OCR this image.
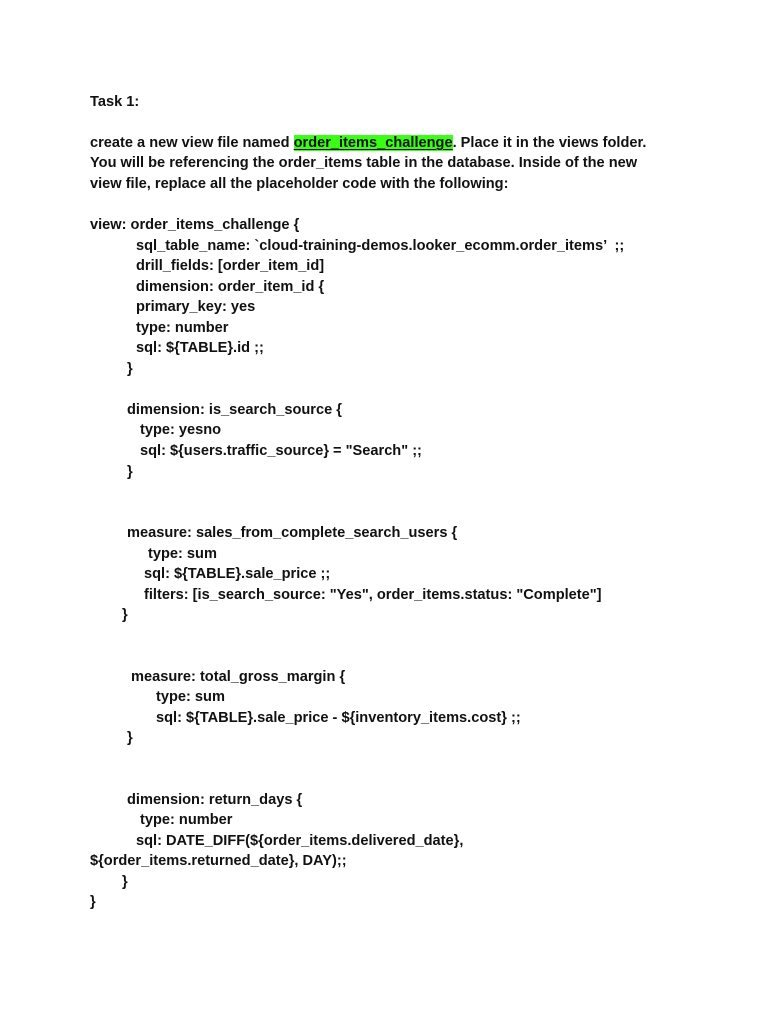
Task 1:
create a new view file named order_items_challenge. Place it in the views folder.
You will be referencing the order_items table in the database. Inside of the new
view file, replace all the placeholder code with the following:
view: order_items_challenge {
sql_table_name: `cloud-training-demos.looker_ecomm.order_items’  ;;
drill_fields: [order_item_id]
dimension: order_item_id {
primary_key: yes
type: number
sql: ${TABLE}.id ;;
}
dimension: is_search_source {
type: yesno
sql: ${users.traffic_source} = "Search" ;;
}
measure: sales_from_complete_search_users {
type: sum
sql: ${TABLE}.sale_price ;;
filters: [is_search_source: "Yes", order_items.status: "Complete"]
}
measure: total_gross_margin {
type: sum
sql: ${TABLE}.sale_price - ${inventory_items.cost} ;;
}
dimension: return_days {
type: number
sql: DATE_DIFF(${order_items.delivered_date},
${order_items.returned_date}, DAY);;
}
}
